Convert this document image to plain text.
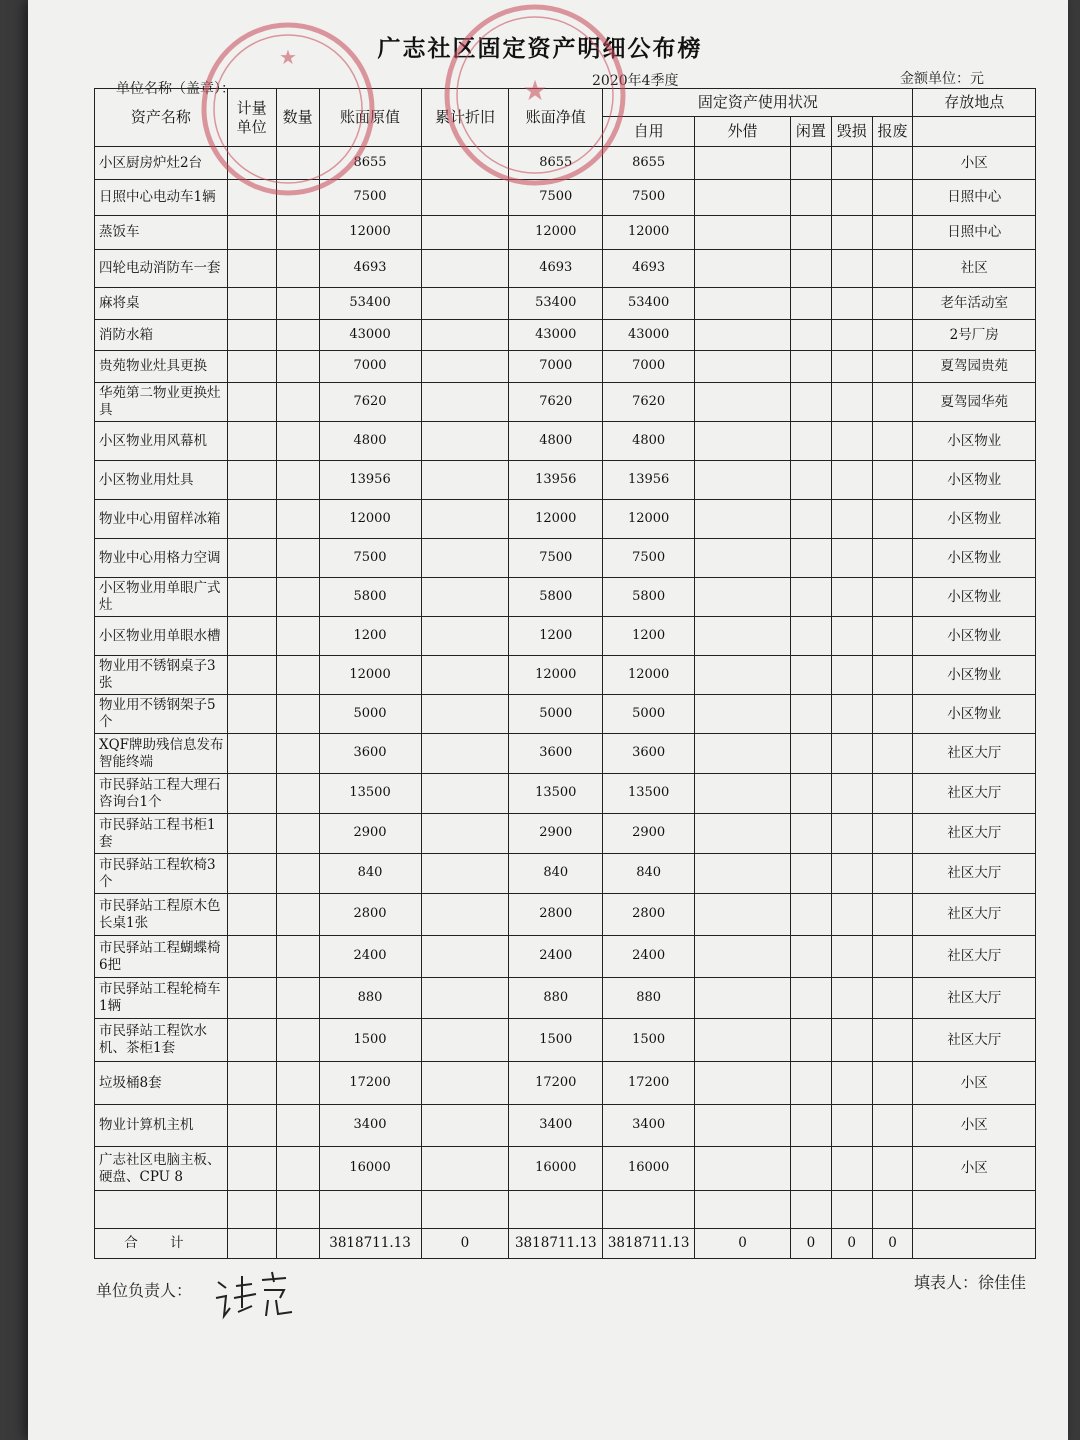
广志社区固定资产明细公布榜
单位名称（盖章）：	2020年4季度	金额单位：元
资产名称	计量单位	数量	账面原值	累计折旧	账面净值	固定资产使用状况					存放地点
						自用	外借	闲置	毁损	报废	
小区厨房炉灶2台			8655		8655	8655					小区
日照中心电动车1辆			7500		7500	7500					日照中心
蒸饭车			12000		12000	12000					日照中心
四轮电动消防车一套			4693		4693	4693					社区
麻将桌			53400		53400	53400					老年活动室
消防水箱			43000		43000	43000					2号厂房
贵苑物业灶具更换			7000		7000	7000					夏驾园贵苑
华苑第二物业更换灶具			7620		7620	7620					夏驾园华苑
小区物业用风幕机			4800		4800	4800					小区物业
小区物业用灶具			13956		13956	13956					小区物业
物业中心用留样冰箱			12000		12000	12000					小区物业
物业中心用格力空调			7500		7500	7500					小区物业
小区物业用单眼广式灶			5800		5800	5800					小区物业
小区物业用单眼水槽			1200		1200	1200					小区物业
物业用不锈钢桌子3张			12000		12000	12000					小区物业
物业用不锈钢架子5个			5000		5000	5000					小区物业
XQF牌助残信息发布智能终端			3600		3600	3600					社区大厅
市民驿站工程大理石咨询台1个			13500		13500	13500					社区大厅
市民驿站工程书柜1套			2900		2900	2900					社区大厅
市民驿站工程软椅3个			840		840	840					社区大厅
市民驿站工程原木色长桌1张			2800		2800	2800					社区大厅
市民驿站工程蝴蝶椅6把			2400		2400	2400					社区大厅
市民驿站工程轮椅车1辆			880		880	880					社区大厅
市民驿站工程饮水机、茶柜1套			1500		1500	1500					社区大厅
垃圾桶8套			17200		17200	17200					小区
物业计算机主机			3400		3400	3400					小区
广志社区电脑主板、硬盘、CPU 8			16000		16000	16000					小区

合 计			3818711.13	0	3818711.13	3818711.13	0	0	0	0	
★
★
单位负责人：	填表人：徐佳佳
